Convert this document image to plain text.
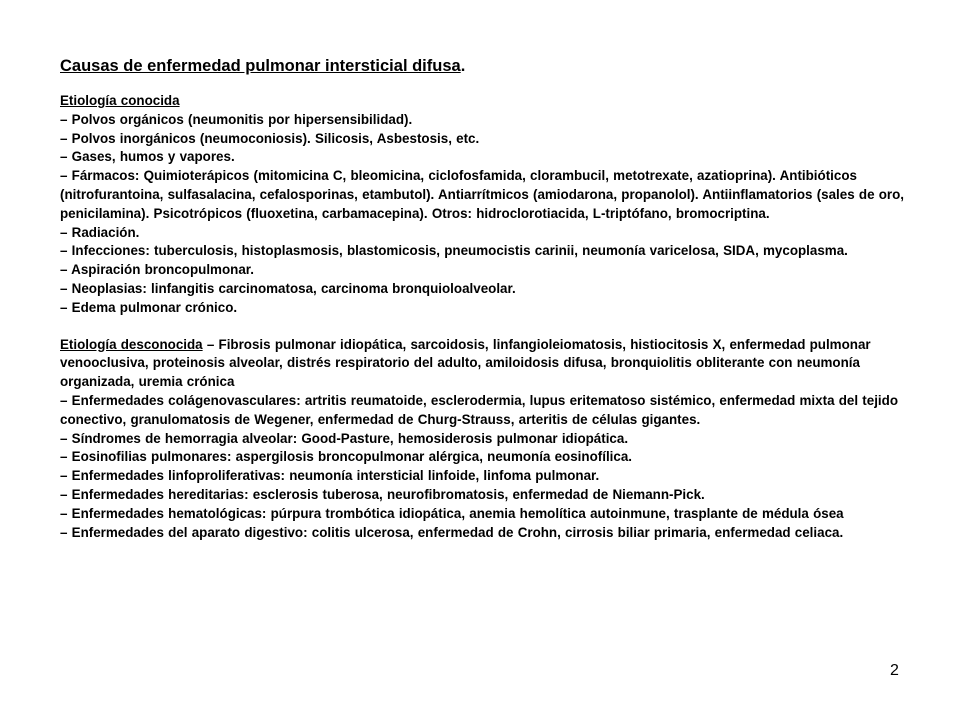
Causas de enfermedad pulmonar intersticial difusa.
Etiología conocida
– Polvos orgánicos (neumonitis por hipersensibilidad).
– Polvos inorgánicos (neumoconiosis). Silicosis, Asbestosis, etc.
– Gases, humos y vapores.
– Fármacos: Quimioterápicos (mitomicina C, bleomicina, ciclofosfamida, clorambucil, metotrexate, azatioprina). Antibióticos (nitrofurantoina, sulfasalacina, cefalosporinas, etambutol). Antiarrítmicos (amiodarona, propanolol). Antiinflamatorios (sales de oro, penicilamina). Psicotrópicos (fluoxetina, carbamacepina). Otros: hidroclorotiacida, L-triptófano, bromocriptina.
– Radiación.
– Infecciones: tuberculosis, histoplasmosis, blastomicosis, pneumocistis carinii, neumonía varicelosa, SIDA, mycoplasma.
– Aspiración broncopulmonar.
– Neoplasias: linfangitis carcinomatosa, carcinoma bronquioloalveolar.
– Edema pulmonar crónico.
Etiología desconocida – Fibrosis pulmonar idiopática, sarcoidosis, linfangioleiomatosis, histiocitosis X, enfermedad pulmonar venooclusiva, proteinosis alveolar, distrés respiratorio del adulto, amiloidosis difusa, bronquiolitis obliterante con neumonía organizada, uremia crónica
– Enfermedades colágenovasculares: artritis reumatoide, esclerodermia, lupus eritematoso sistémico, enfermedad mixta del tejido conectivo, granulomatosis de Wegener, enfermedad de Churg-Strauss, arteritis de células gigantes.
– Síndromes de hemorragia alveolar: Good-Pasture, hemosiderosis pulmonar idiopática.
– Eosinofilias pulmonares: aspergilosis broncopulmonar alérgica, neumonía eosinofílica.
– Enfermedades linfoproliferativas: neumonía intersticial linfoide, linfoma pulmonar.
– Enfermedades hereditarias: esclerosis tuberosa, neurofibromatosis, enfermedad de Niemann-Pick.
– Enfermedades hematológicas: púrpura trombótica idiopática, anemia hemolítica autoinmune, trasplante de médula ósea
– Enfermedades del aparato digestivo: colitis ulcerosa, enfermedad de Crohn, cirrosis biliar primaria, enfermedad celiaca.
2
